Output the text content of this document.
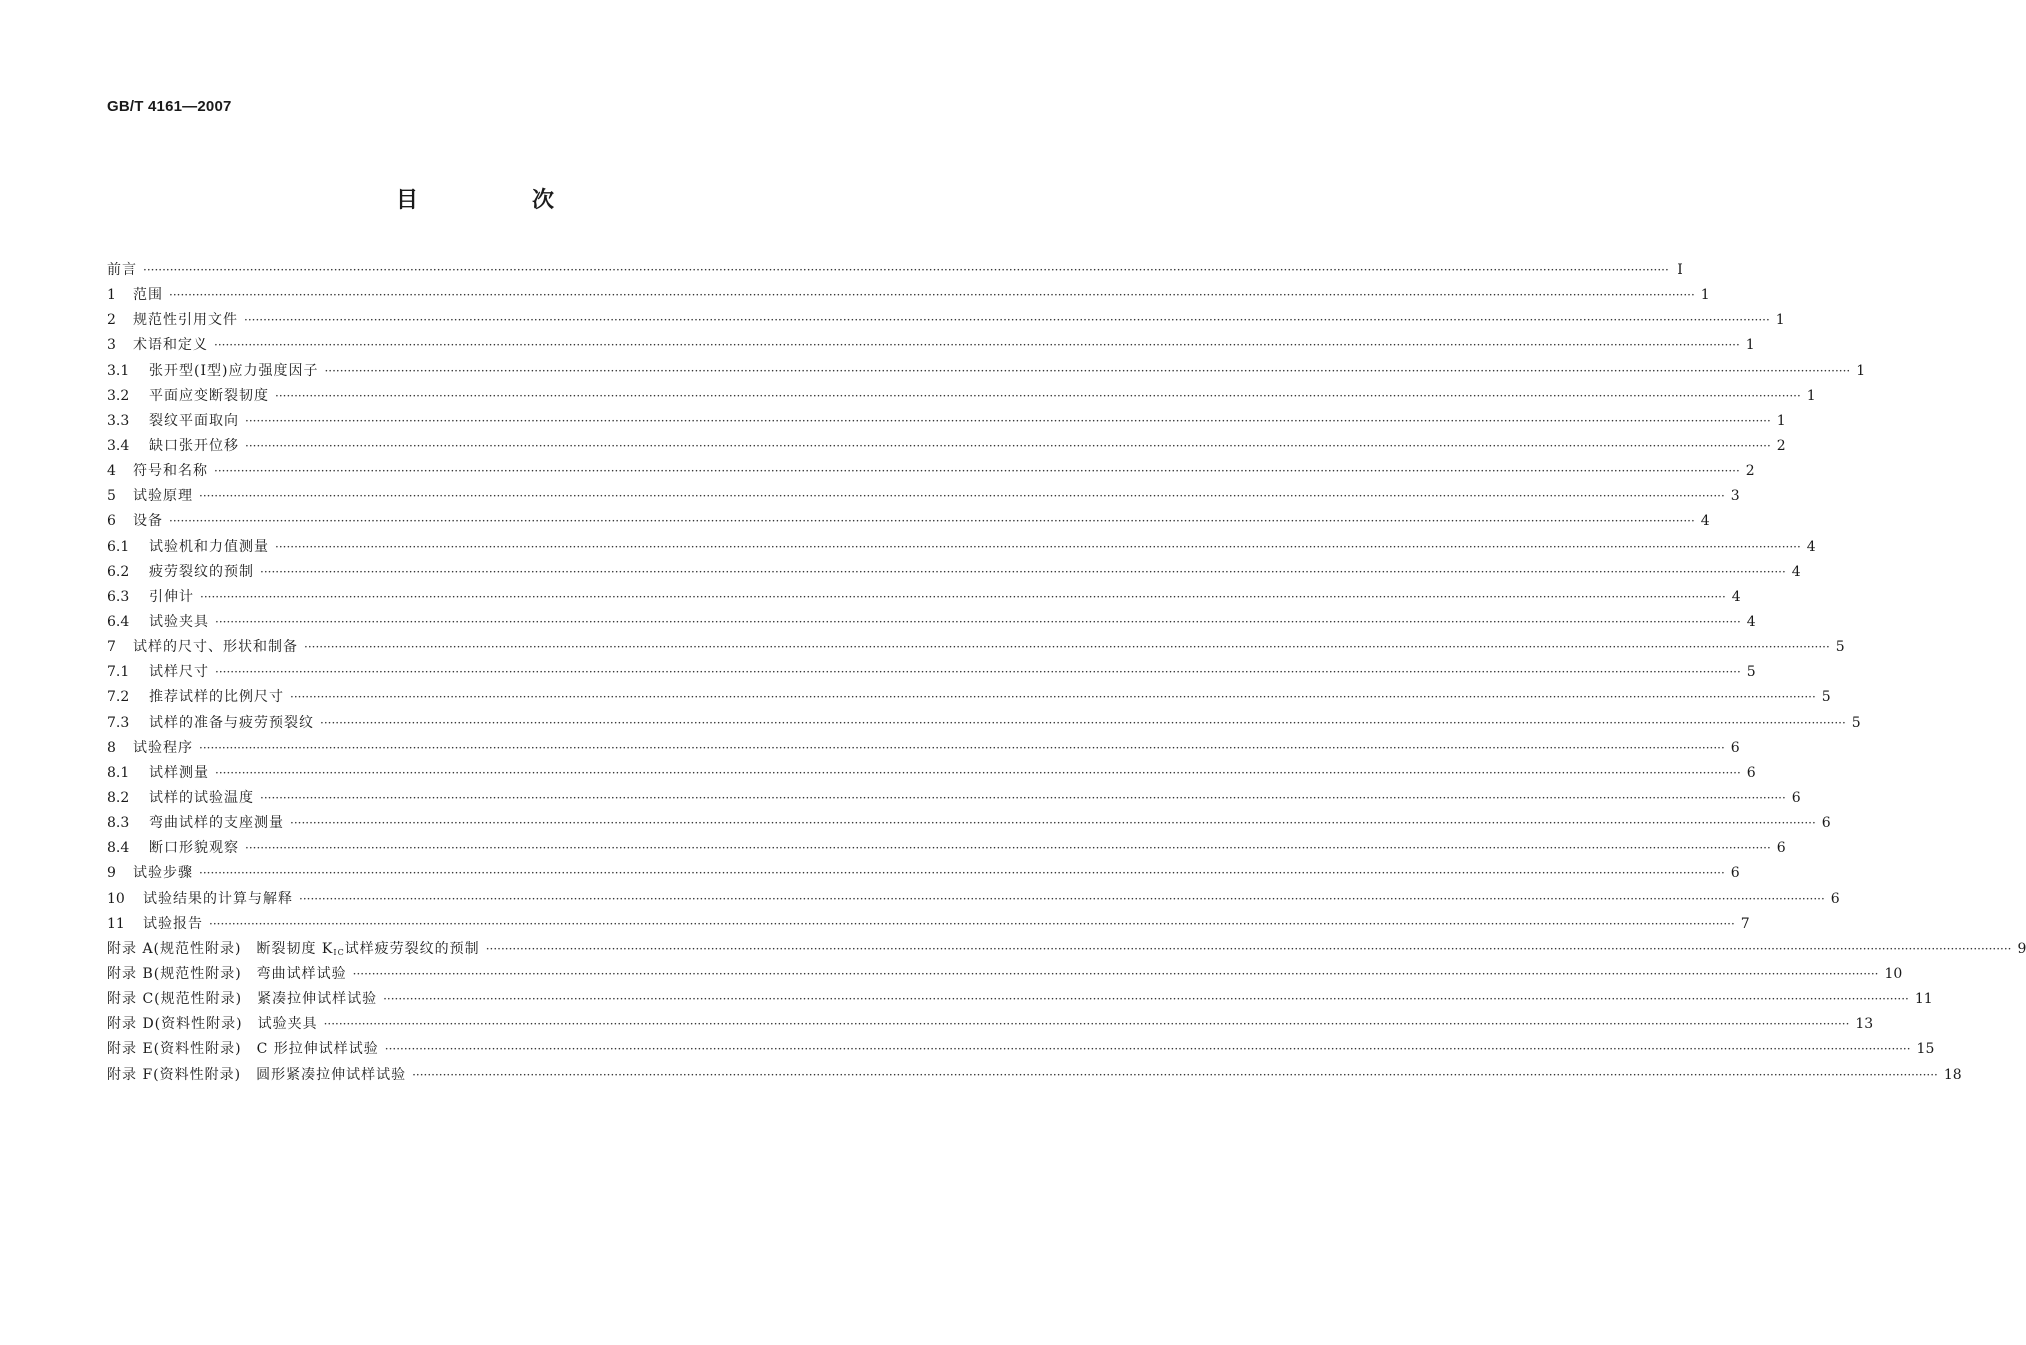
GB/T 4161—2007
目　次
前言 ················································································································································································································································································································································································································ Ⅰ
1	范围 ················································································································································································································································································································································································································ 1
2	规范性引用文件 ················································································································································································································································································································································································································ 1
3	术语和定义 ················································································································································································································································································································································································································ 1
3.1	张开型(Ⅰ型)应力强度因子 ················································································································································································································································································································································································································ 1
3.2	平面应变断裂韧度 ················································································································································································································································································································································································································ 1
3.3	裂纹平面取向 ················································································································································································································································································································································································································ 1
3.4	缺口张开位移 ················································································································································································································································································································································································································ 2
4	符号和名称 ················································································································································································································································································································································································································ 2
5	试验原理 ················································································································································································································································································································································································································ 3
6	设备 ················································································································································································································································································································································································································ 4
6.1	试验机和力值测量 ················································································································································································································································································································································································································ 4
6.2	疲劳裂纹的预制 ················································································································································································································································································································································································································ 4
6.3	引伸计 ················································································································································································································································································································································································································ 4
6.4	试验夹具 ················································································································································································································································································································································································································ 4
7	试样的尺寸、形状和制备 ················································································································································································································································································································································································································ 5
7.1	试样尺寸 ················································································································································································································································································································································································································ 5
7.2	推荐试样的比例尺寸 ················································································································································································································································································································································································································ 5
7.3	试样的准备与疲劳预裂纹 ················································································································································································································································································································································································································ 5
8	试验程序 ················································································································································································································································································································································································································ 6
8.1	试样测量 ················································································································································································································································································································································································································ 6
8.2	试样的试验温度 ················································································································································································································································································································································································································ 6
8.3	弯曲试样的支座测量 ················································································································································································································································································································································································································ 6
8.4	断口形貌观察 ················································································································································································································································································································································································································ 6
9	试验步骤 ················································································································································································································································································································································································································ 6
10	试验结果的计算与解释 ················································································································································································································································································································································································································ 6
11	试验报告 ················································································································································································································································································································································································································ 7
附录 A(规范性附录)　断裂韧度 $K_{IC}$试样疲劳裂纹的预制 ················································································································································································································································································································································································································ 9
附录 B(规范性附录)　弯曲试样试验 ················································································································································································································································································································································································································ 10
附录 C(规范性附录)　紧凑拉伸试样试验 ················································································································································································································································································································································································································ 11
附录 D(资料性附录)　试验夹具 ················································································································································································································································································································································································································ 13
附录 E(资料性附录)　C 形拉伸试样试验 ················································································································································································································································································································································································································ 15
附录 F(资料性附录)　圆形紧凑拉伸试样试验 ················································································································································································································································································································································································································ 18
